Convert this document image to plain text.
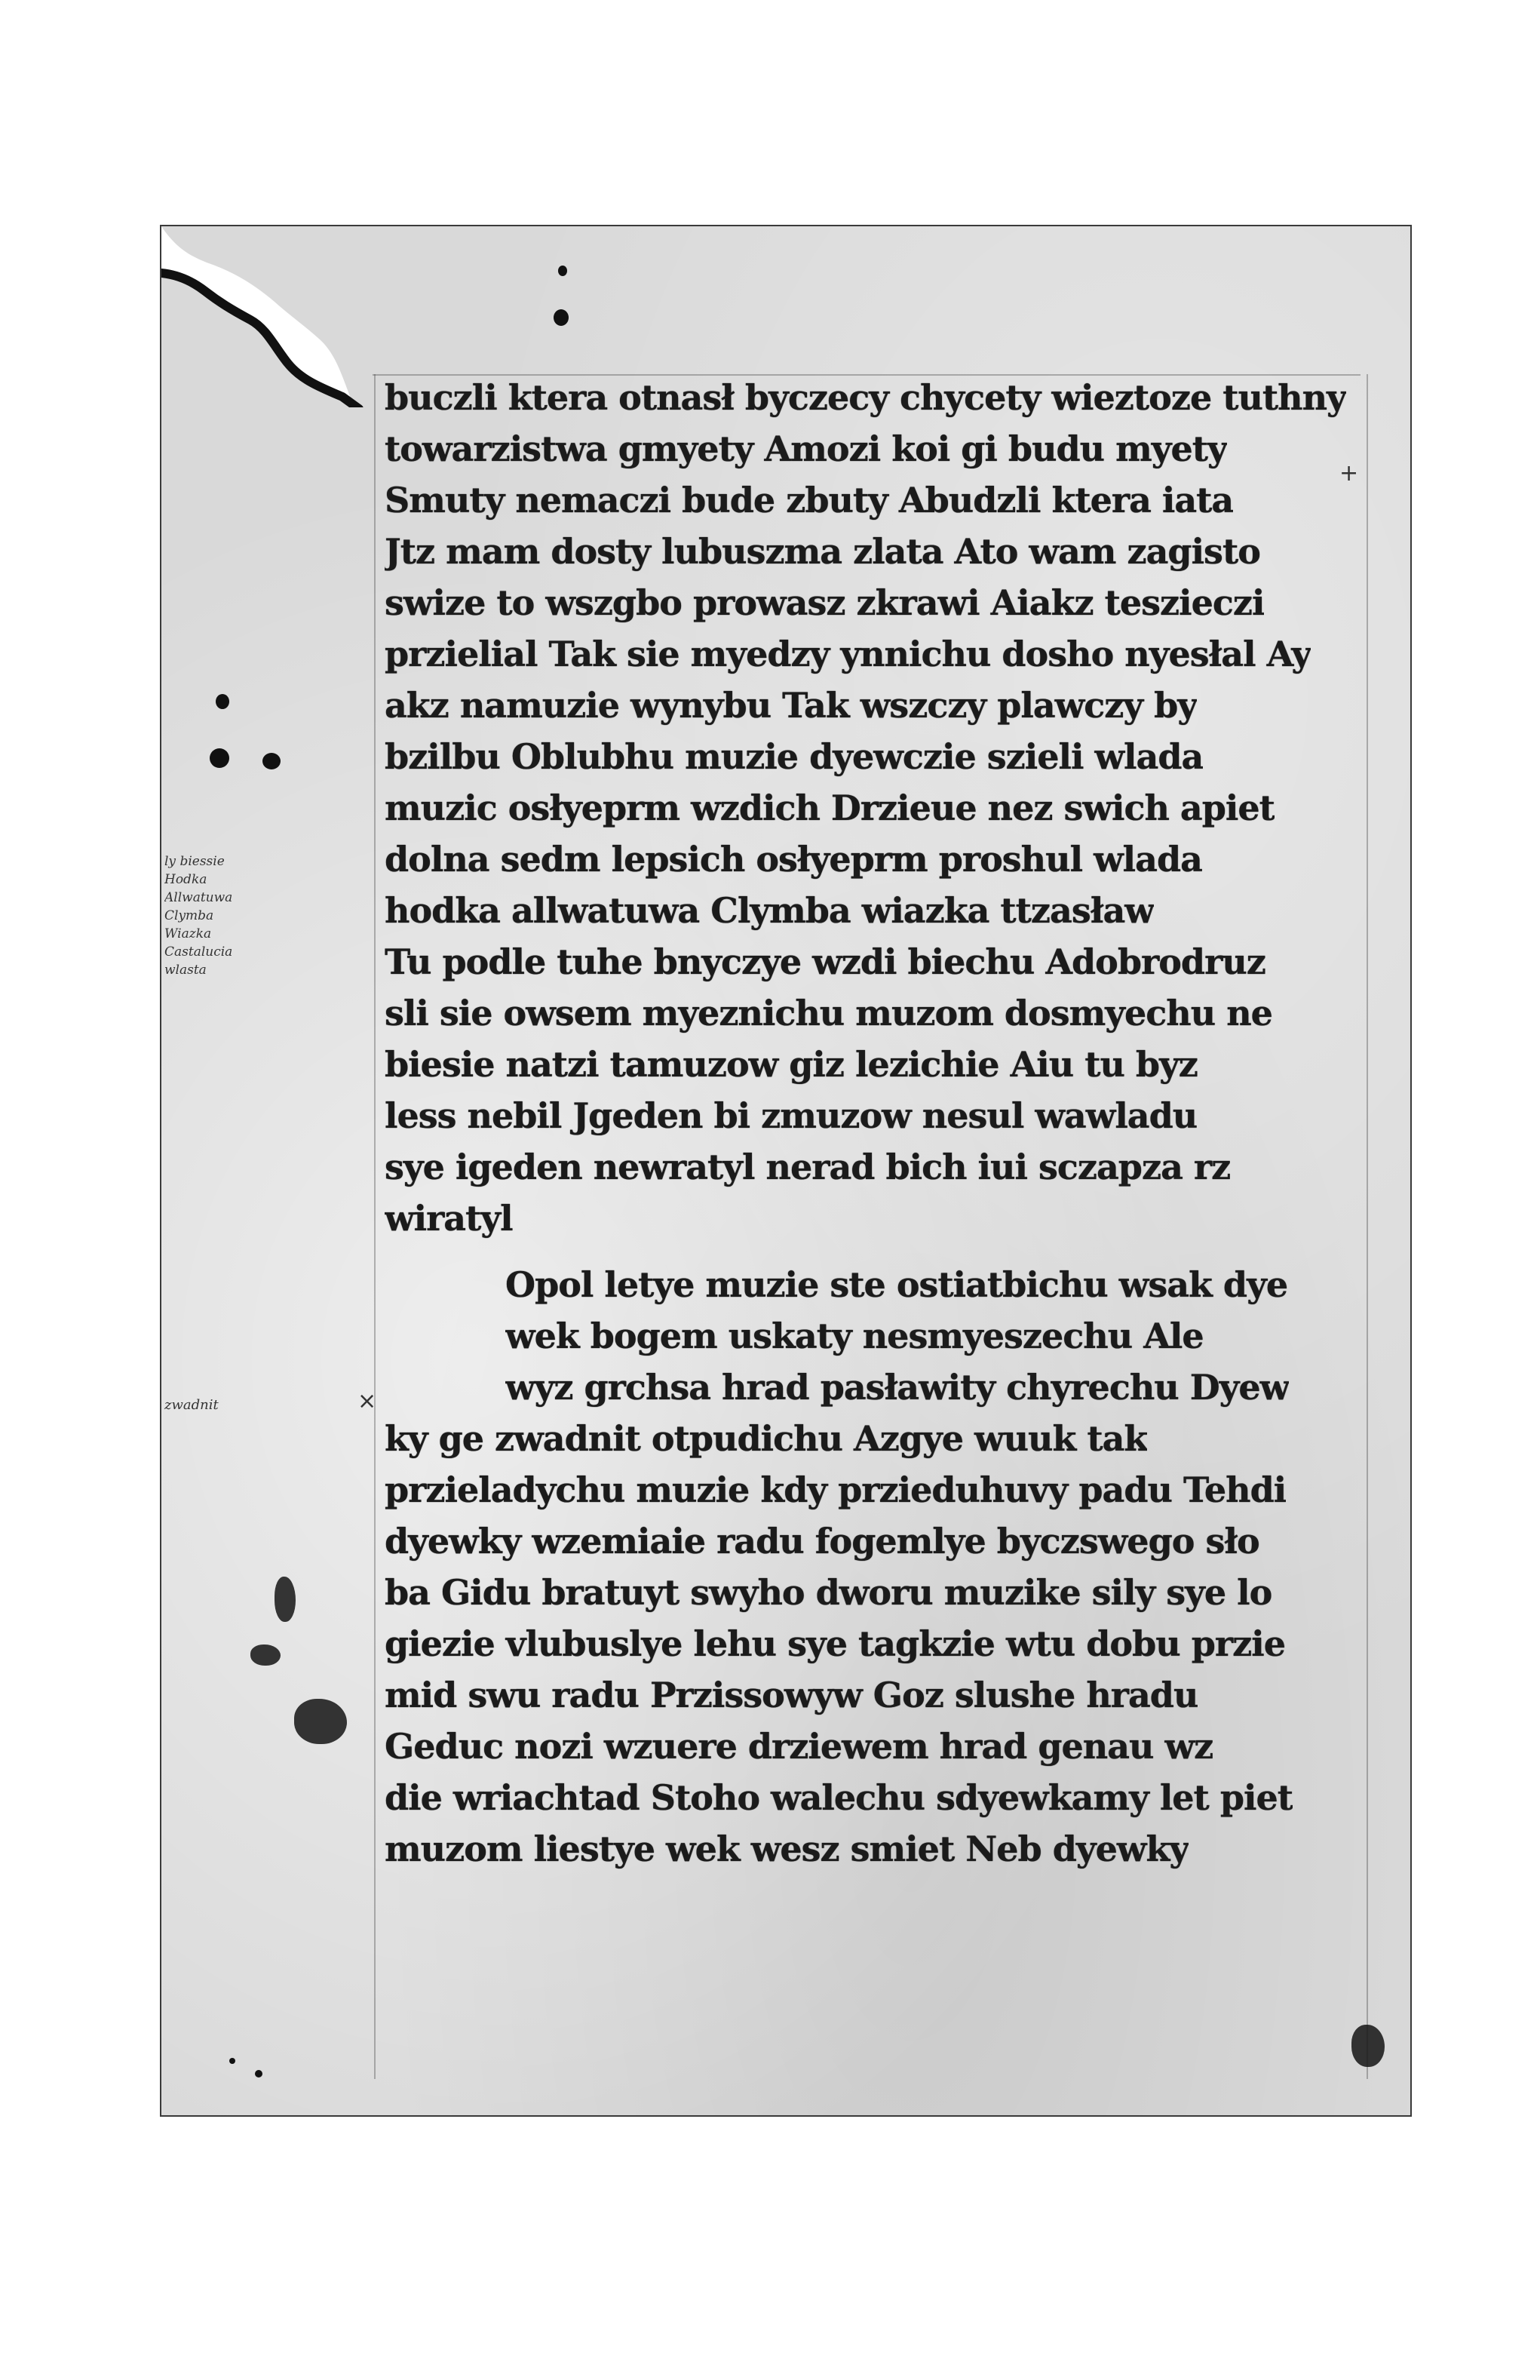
buczli ktera otnasł byczecy chycety wieztoze tuthny
towarzistwa gmyety Amozi koi gi budu myety
Smuty nemaczi bude zbuty Abudzli ktera iata
Jtz mam dosty lubuszma zlata Ato wam zagisto
swize to wszgbo prowasz zkrawi Aiakz teszieczi
przielial Tak sie myedzy ynnichu dosho nyesłal Ay
akz namuzie wynybu Tak wszczy plawczy by
bzilbu Oblubhu muzie dyewczie szieli wlada
muzic osłyeprm wzdich Drzieue nez swich apiet
dolna sedm lepsich osłyeprm proshul wlada
hodka allwatuwa Clymba wiazka ttzasław
Tu podle tuhe bnyczye wzdi biechu Adobrodruz
sli sie owsem myeznichu muzom dosmyechu ne
biesie natzi tamuzow giz lezichie Aiu tu byz
less nebil Jgeden bi zmuzow nesul wawladu
sye igeden newratyl nerad bich iui sczapza rz
wiratyl
Opol letye muzie ste ostiatbichu wsak dye
wek bogem uskaty nesmyeszechu Ale
wyz grchsa hrad pasławity chyrechu Dyew
ky ge zwadnit otpudichu Azgye wuuk tak
przieladychu muzie kdy przieduhuvy padu Tehdi
dyewky wzemiaie radu fogemlye byczswego sło
ba Gidu bratuyt swyho dworu muzike sily sye lo
giezie vlubuslye lehu sye tagkzie wtu dobu przie
mid swu radu Przissowyw Goz slushe hradu
Geduc nozi wzuere drziewem hrad genau wz
die wriachtad Stoho walechu sdyewkamy let piet
muzom liestye wek wesz smiet Neb dyewky
ly biessie
Hodka
Allwatuwa
Clymba
Wiazka
Castalucia
wlasta
zwadnit
+
×
